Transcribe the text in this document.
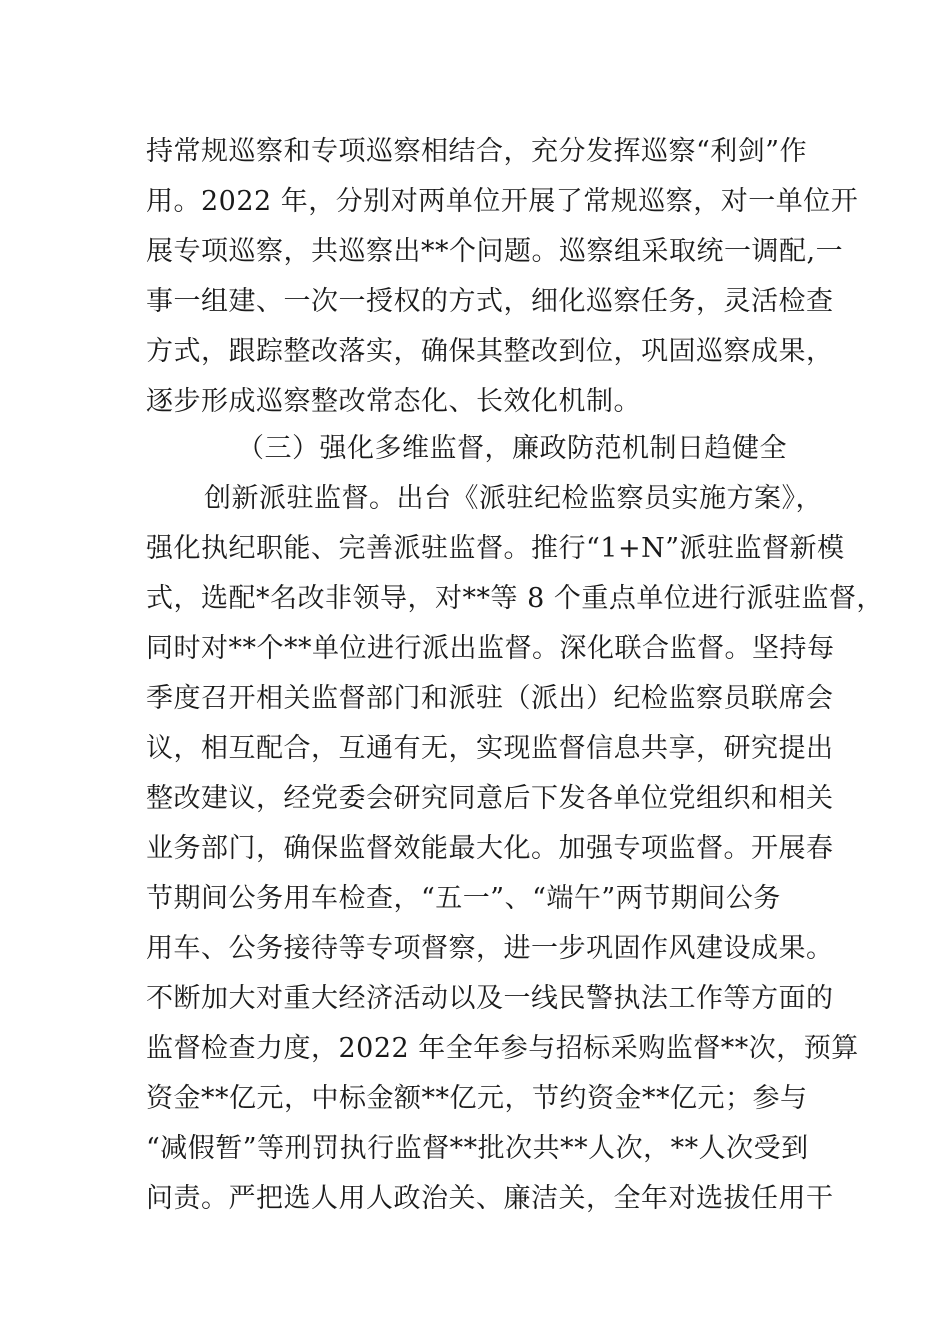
持常规巡察和专项巡察相结合，充分发挥巡察“利剑”作
用。2022 年，分别对两单位开展了常规巡察，对一单位开
展专项巡察，共巡察出**个问题。巡察组采取统一调配,一
事一组建、一次一授权的方式，细化巡察任务，灵活检查
方式，跟踪整改落实，确保其整改到位，巩固巡察成果，
逐步形成巡察整改常态化、长效化机制。
（三）强化多维监督，廉政防范机制日趋健全
创新派驻监督。出台《派驻纪检监察员实施方案》，
强化执纪职能、完善派驻监督。推行“1+N”派驻监督新模
式，选配*名改非领导，对**等 8 个重点单位进行派驻监督，
同时对**个**单位进行派出监督。深化联合监督。坚持每
季度召开相关监督部门和派驻（派出）纪检监察员联席会
议，相互配合，互通有无，实现监督信息共享，研究提出
整改建议，经党委会研究同意后下发各单位党组织和相关
业务部门，确保监督效能最大化。加强专项监督。开展春
节期间公务用车检查，“五一”、“端午”两节期间公务
用车、公务接待等专项督察，进一步巩固作风建设成果。
不断加大对重大经济活动以及一线民警执法工作等方面的
监督检查力度，2022 年全年参与招标采购监督**次，预算
资金**亿元，中标金额**亿元，节约资金**亿元；参与
“减假暂”等刑罚执行监督**批次共**人次，**人次受到
问责。严把选人用人政治关、廉洁关，全年对选拔任用干
